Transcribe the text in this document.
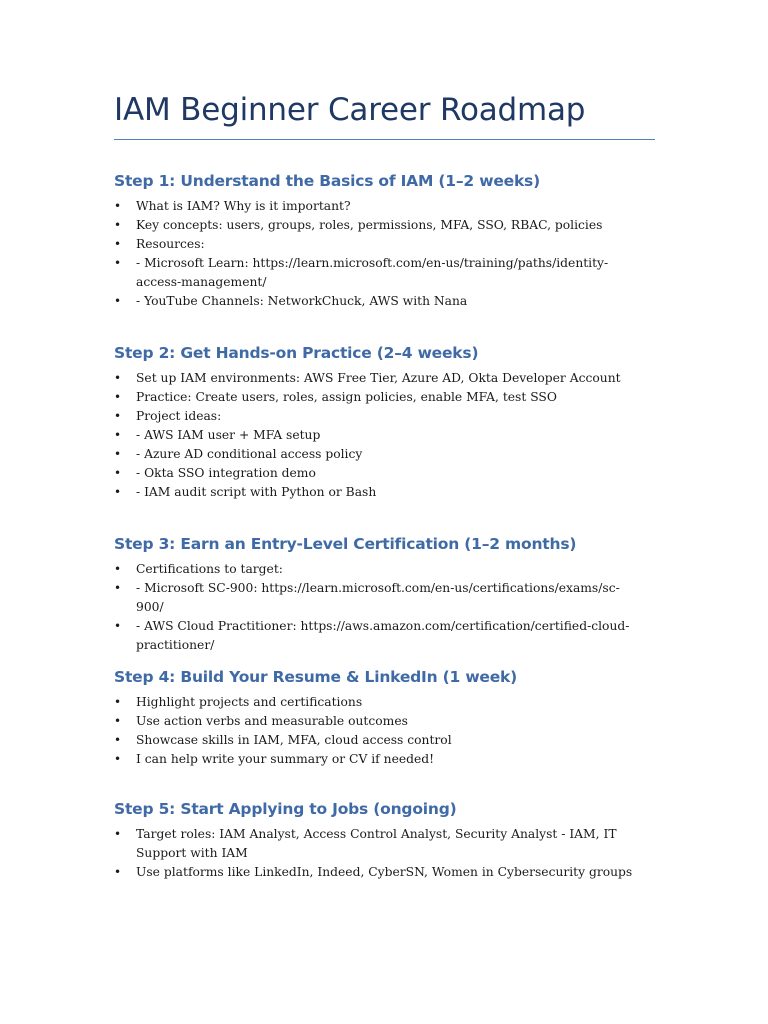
IAM Beginner Career Roadmap
Step 1: Understand the Basics of IAM (1–2 weeks)
• What is IAM? Why is it important?
• Key concepts: users, groups, roles, permissions, MFA, SSO, RBAC, policies
• Resources:
• - Microsoft Learn: https://learn.microsoft.com/en-us/training/paths/identity-access-management/
• - YouTube Channels: NetworkChuck, AWS with Nana
Step 2: Get Hands-on Practice (2–4 weeks)
• Set up IAM environments: AWS Free Tier, Azure AD, Okta Developer Account
• Practice: Create users, roles, assign policies, enable MFA, test SSO
• Project ideas:
• - AWS IAM user + MFA setup
• - Azure AD conditional access policy
• - Okta SSO integration demo
• - IAM audit script with Python or Bash
Step 3: Earn an Entry-Level Certification (1–2 months)
• Certifications to target:
• - Microsoft SC-900: https://learn.microsoft.com/en-us/certifications/exams/sc-900/
• - AWS Cloud Practitioner: https://aws.amazon.com/certification/certified-cloud-practitioner/
Step 4: Build Your Resume & LinkedIn (1 week)
• Highlight projects and certifications
• Use action verbs and measurable outcomes
• Showcase skills in IAM, MFA, cloud access control
• I can help write your summary or CV if needed!
Step 5: Start Applying to Jobs (ongoing)
• Target roles: IAM Analyst, Access Control Analyst, Security Analyst - IAM, IT Support with IAM
• Use platforms like LinkedIn, Indeed, CyberSN, Women in Cybersecurity groups
